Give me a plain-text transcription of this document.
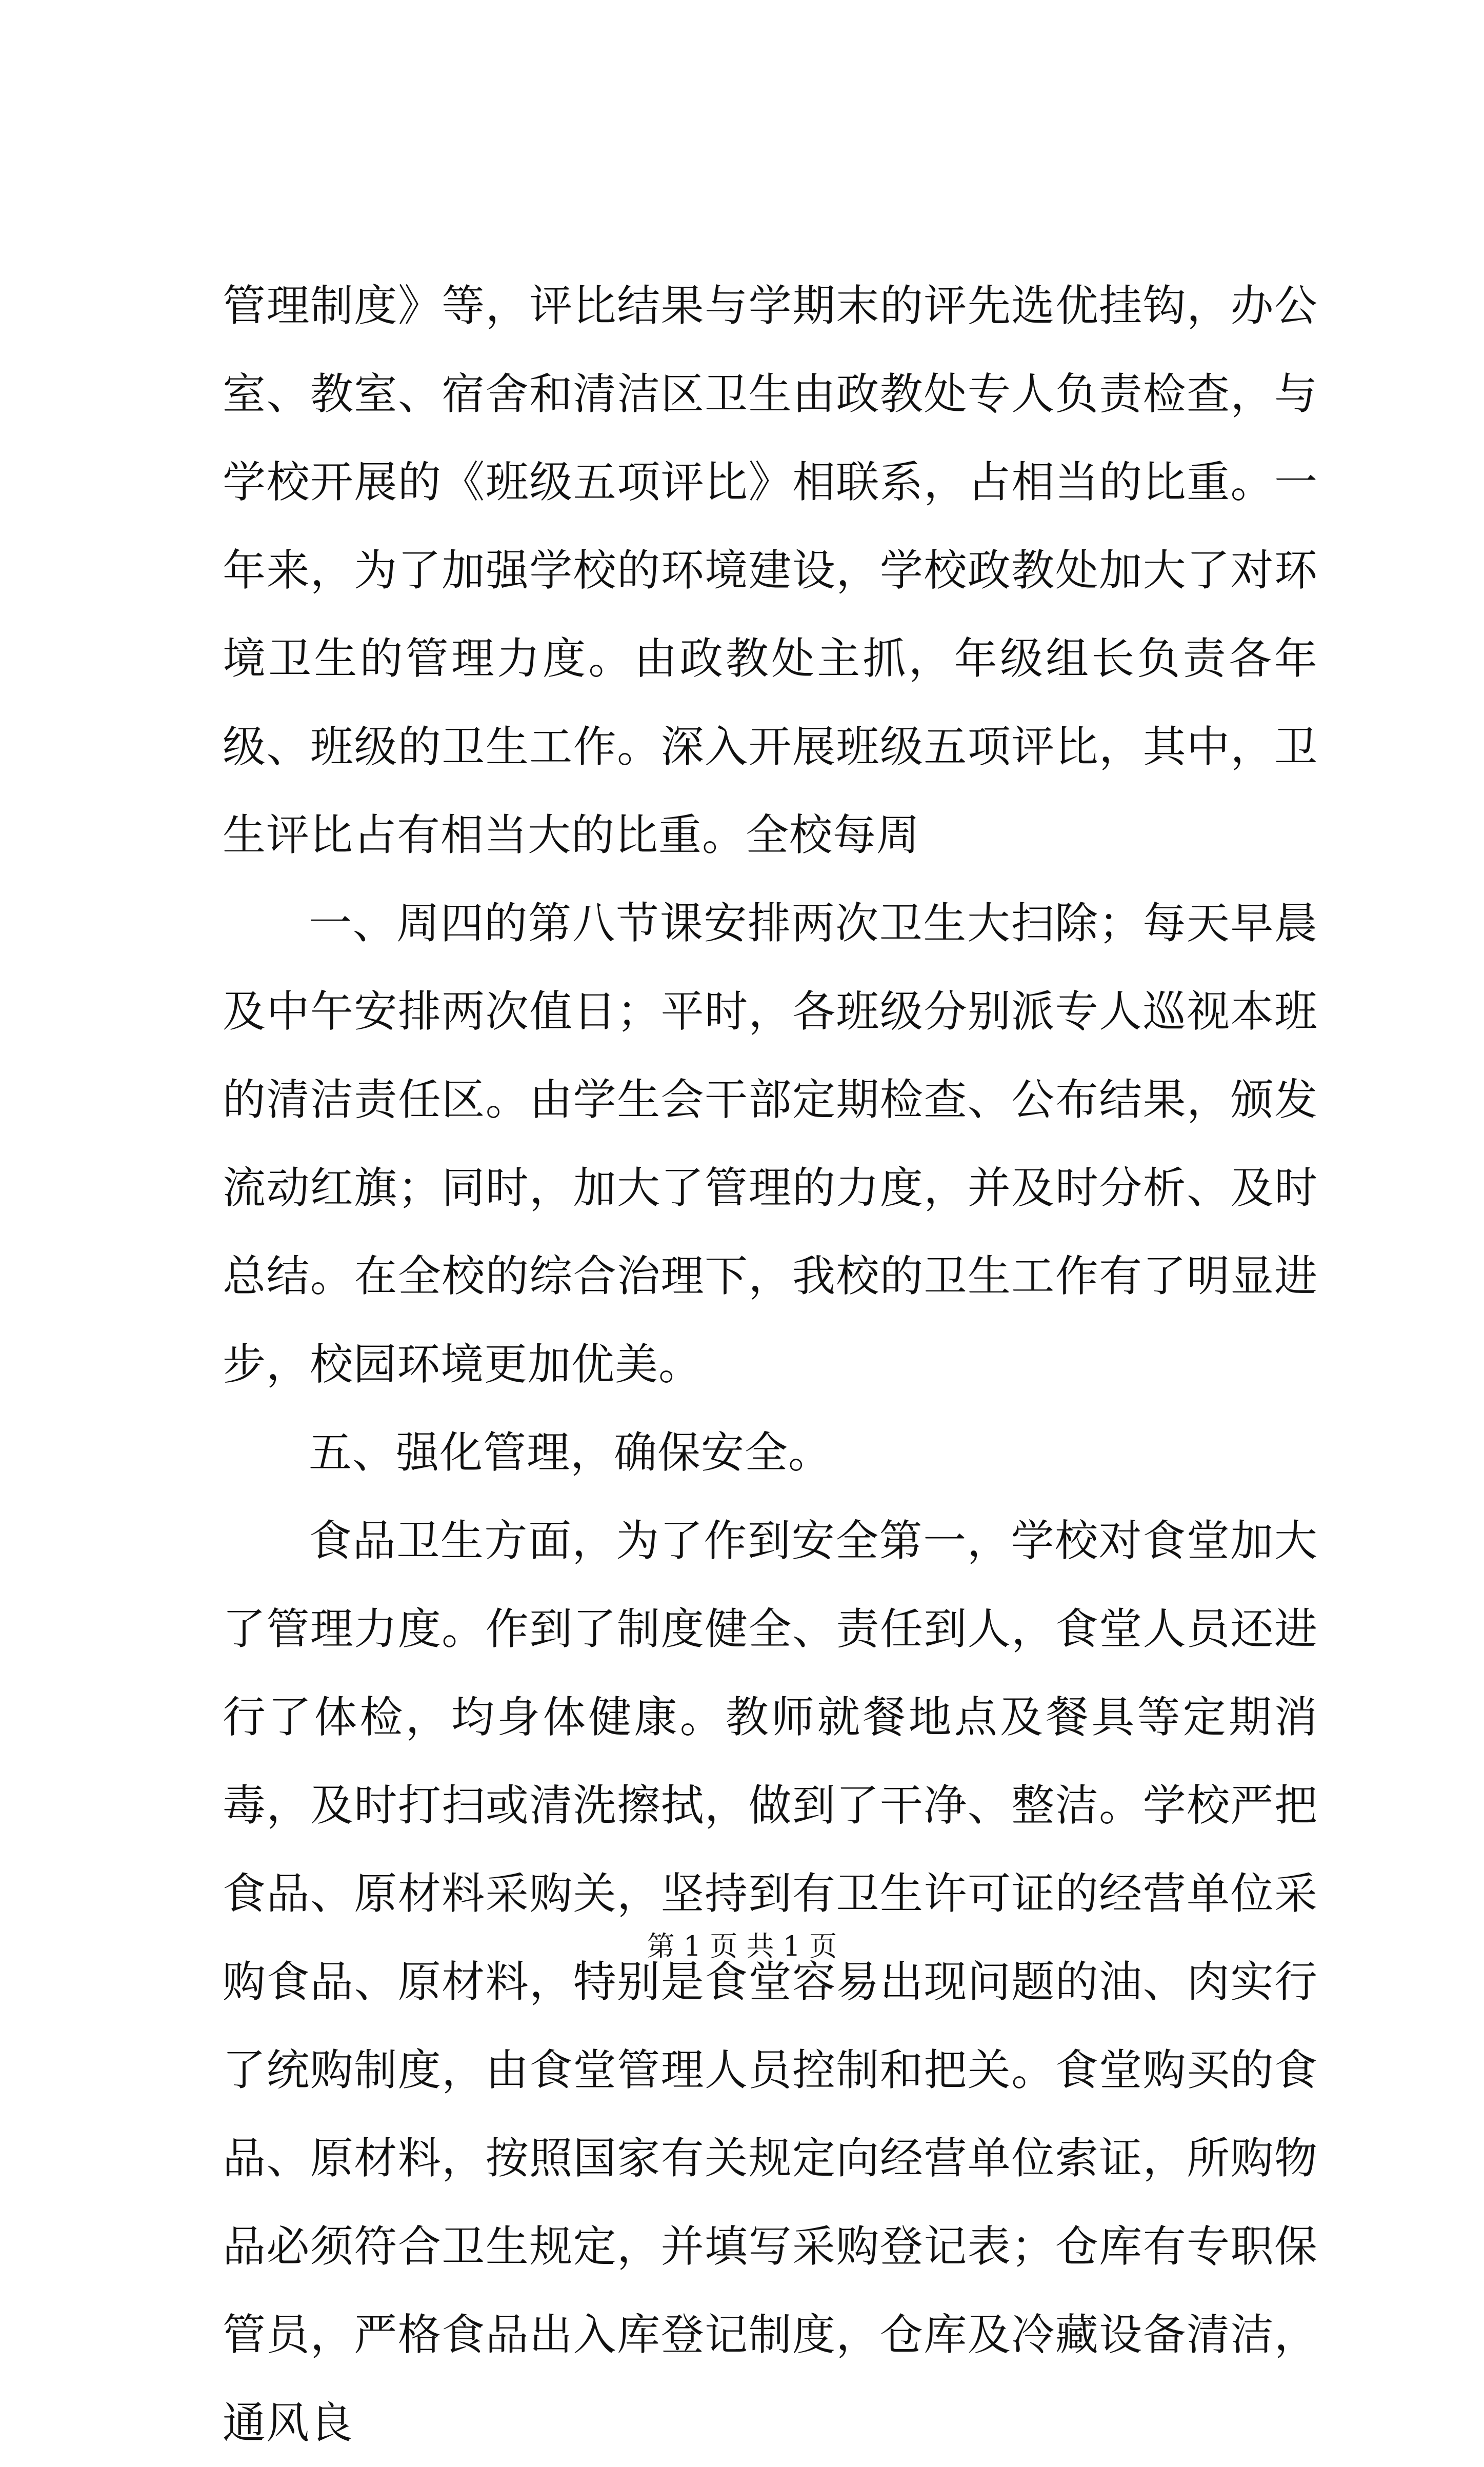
管理制度》等，评比结果与学期末的评先选优挂钩，办公室、教室、宿舍和清洁区卫生由政教处专人负责检查，与学校开展的《班级五项评比》相联系，占相当的比重。一年来，为了加强学校的环境建设，学校政教处加大了对环境卫生的管理力度。由政教处主抓，年级组长负责各年级、班级的卫生工作。深入开展班级五项评比，其中，卫生评比占有相当大的比重。全校每周

一、周四的第八节课安排两次卫生大扫除；每天早晨及中午安排两次值日；平时，各班级分别派专人巡视本班的清洁责任区。由学生会干部定期检查、公布结果，颁发流动红旗；同时，加大了管理的力度，并及时分析、及时总结。在全校的综合治理下，我校的卫生工作有了明显进步，校园环境更加优美。

五、强化管理，确保安全。

食品卫生方面，为了作到安全第一，学校对食堂加大了管理力度。作到了制度健全、责任到人，食堂人员还进行了体检，均身体健康。教师就餐地点及餐具等定期消毒，及时打扫或清洗擦拭，做到了干净、整洁。学校严把食品、原材料采购关，坚持到有卫生许可证的经营单位采购食品、原材料，特别是食堂容易出现问题的油、肉实行了统购制度，由食堂管理人员控制和把关。食堂购买的食品、原材料，按照国家有关规定向经营单位索证，所购物品必须符合卫生规定，并填写采购登记表；仓库有专职保管员，严格食品出入库登记制度，仓库及冷藏设备清洁，通风良

第 1 页 共 1 页
